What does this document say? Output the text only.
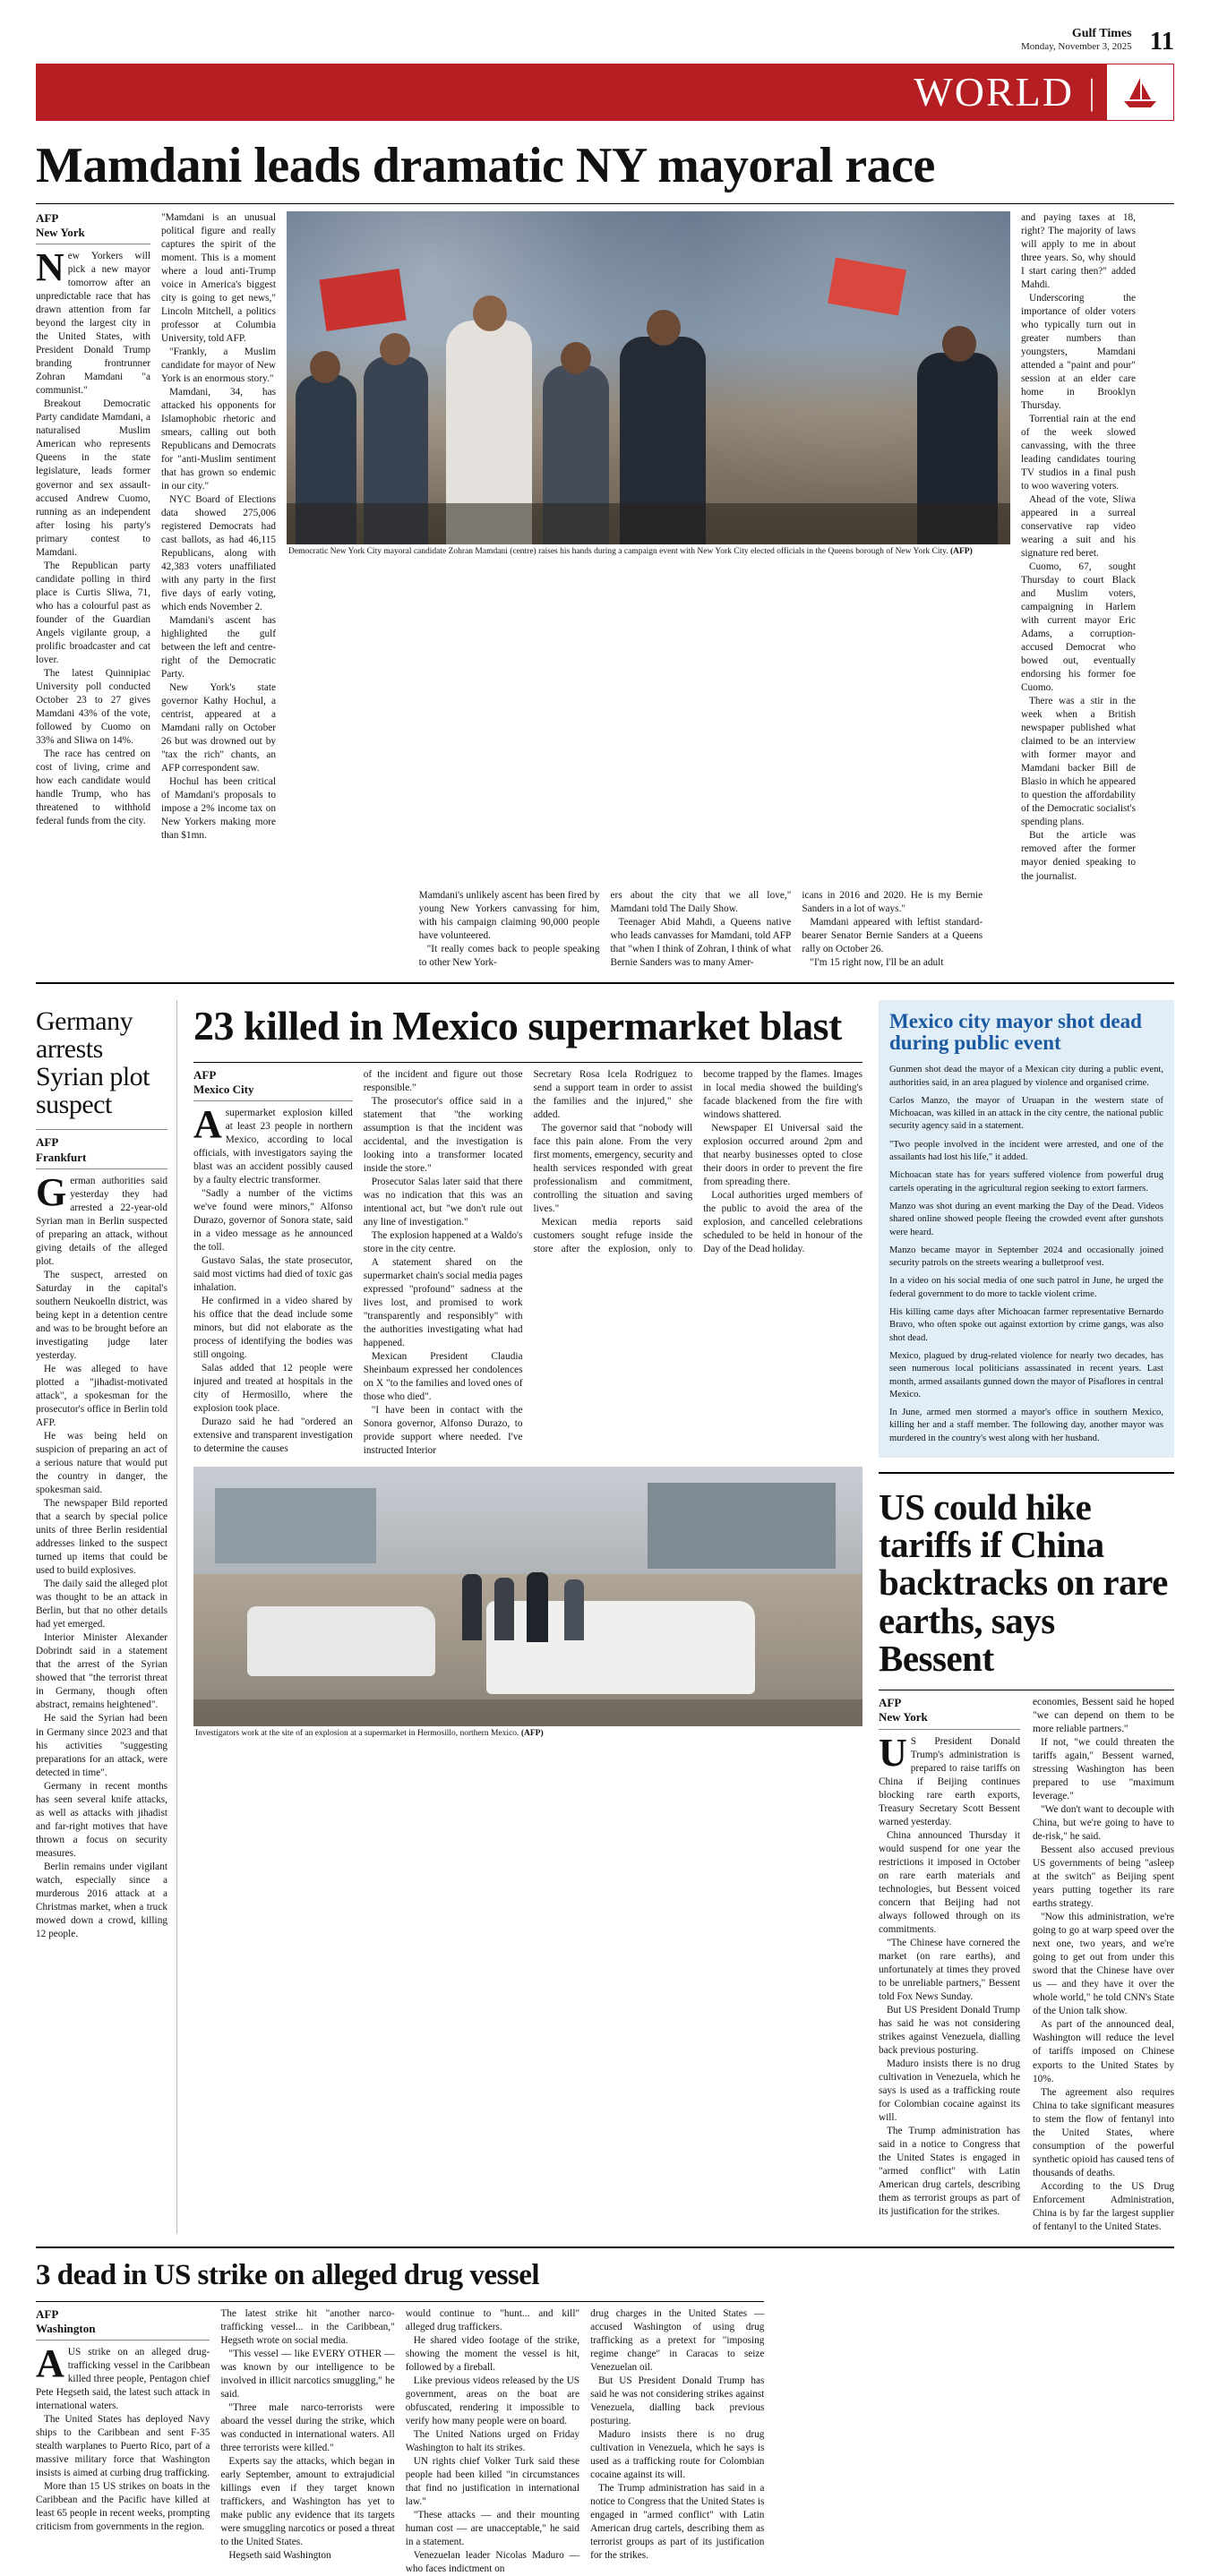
Gulf Times
Monday, November 3, 2025 11
WORLD |
Mamdani leads dramatic NY mayoral race
AFP
New York

New Yorkers will pick a new mayor tomorrow after an unpredictable race that has drawn attention from far beyond the largest city in the United States, with President Donald Trump branding frontrunner Zohran Mamdani "a communist."

Breakout Democratic Party candidate Mamdani, a naturalised Muslim American who represents Queens in the state legislature, leads former governor and sex assault-accused Andrew Cuomo, running as an independent after losing his party's primary contest to Mamdani.

The Republican party candidate polling in third place is Curtis Sliwa, 71, who has a colourful past as founder of the Guardian Angels vigilante group, a prolific broadcaster and cat lover.

The latest Quinnipiac University poll conducted October 23 to 27 gives Mamdani 43% of the vote, followed by Cuomo on 33% and Sliwa on 14%.

The race has centred on cost of living, crime and how each candidate would handle Trump, who has threatened to withhold federal funds from the city.

"Mamdani is an unusual political figure and really captures the spirit of the moment. This is a moment where a loud anti-Trump voice in America's biggest city is going to get news," Lincoln Mitchell, a politics professor at Columbia University, told AFP.

"Frankly, a Muslim candidate for mayor of New York is an enormous story."

Mamdani, 34, has attacked his opponents for Islamophobic rhetoric and smears, calling out both Republicans and Democrats for "anti-Muslim sentiment that has grown so endemic in our city."

NYC Board of Elections data showed 275,006 registered Democrats had cast ballots, as had 46,115 Republicans, along with 42,383 voters unaffiliated with any party in the first five days of early voting, which ends November 2.

Mamdani's ascent has highlighted the gulf between the left and centre-right of the Democratic Party.

New York's state governor Kathy Hochul, a centrist, appeared at a Mamdani rally on October 26 but was drowned out by "tax the rich" chants, an AFP correspondent saw.

Hochul has been critical of Mamdani's proposals to impose a 2% income tax on New Yorkers making more than $1mn.

Democratic New York City mayoral candidate Zohran Mamdani (centre) raises his hands during a campaign event with New York City elected officials in the Queens borough of New York City. (AFP)

and paying taxes at 18, right? The majority of laws will apply to me in about three years. So, why should I start caring then?" added Mahdi.

Underscoring the importance of older voters who typically turn out in greater numbers than youngsters, Mamdani attended a "paint and pour" session at an elder care home in Brooklyn Thursday.

Torrential rain at the end of the week slowed canvassing, with the three leading candidates touring TV studios in a final push to woo wavering voters.

Ahead of the vote, Sliwa appeared in a surreal conservative rap video wearing a suit and his signature red beret.

Cuomo, 67, sought Thursday to court Black and Muslim voters, campaigning in Harlem with current mayor Eric Adams, a corruption-accused Democrat who bowed out, eventually endorsing his former foe Cuomo.

There was a stir in the week when a British newspaper published what claimed to be an interview with former mayor and Mamdani backer Bill de Blasio in which he appeared to question the affordability of the Democratic socialist's spending plans.

But the article was removed after the former mayor denied speaking to the journalist.

Mamdani's unlikely ascent has been fired by young New Yorkers canvassing for him, with his campaign claiming 90,000 people have volunteered.

"It really comes back to people speaking to other New York-

ers about the city that we all love," Mamdani told The Daily Show.

Teenager Abid Mahdi, a Queens native who leads canvasses for Mamdani, told AFP that "when I think of Zohran, I think of what Bernie Sanders was to many Amer-

icans in 2016 and 2020. He is my Bernie Sanders in a lot of ways."

Mamdani appeared with leftist standard-bearer Senator Bernie Sanders at a Queens rally on October 26.

"I'm 15 right now, I'll be an adult

Germany arrests Syrian plot suspect
AFP
Frankfurt

German authorities said yesterday they had arrested a 22-year-old Syrian man in Berlin suspected of preparing an attack, without giving details of the alleged plot.

The suspect, arrested on Saturday in the capital's southern Neukoelln district, was being kept in a detention centre and was to be brought before an investigating judge later yesterday.

He was alleged to have plotted a "jihadist-motivated attack", a spokesman for the prosecutor's office in Berlin told AFP.

He was being held on suspicion of preparing an act of a serious nature that would put the country in danger, the spokesman said.

The newspaper Bild reported that a search by special police units of three Berlin residential addresses linked to the suspect turned up items that could be used to build explosives.

The daily said the alleged plot was thought to be an attack in Berlin, but that no other details had yet emerged.

Interior Minister Alexander Dobrindt said in a statement that the arrest of the Syrian showed that "the terrorist threat in Germany, though often abstract, remains heightened".

He said the Syrian had been in Germany since 2023 and that his activities "suggesting preparations for an attack, were detected in time".

Germany in recent months has seen several knife attacks, as well as attacks with jihadist and far-right motives that have thrown a focus on security measures.

Berlin remains under vigilant watch, especially since a murderous 2016 attack at a Christmas market, when a truck mowed down a crowd, killing 12 people.

23 killed in Mexico supermarket blast
AFP
Mexico City

Asupermarket explosion killed at least 23 people in northern Mexico, according to local officials, with investigators saying the blast was an accident possibly caused by a faulty electric transformer.

"Sadly a number of the victims we've found were minors," Alfonso Durazo, governor of Sonora state, said in a video message as he announced the toll.

Gustavo Salas, the state prosecutor, said most victims had died of toxic gas inhalation.

He confirmed in a video shared by his office that the dead include some minors, but did not elaborate as the process of identifying the bodies was still ongoing.

Salas added that 12 people were injured and treated at hospitals in the city of Hermosillo, where the explosion took place.

Durazo said he had "ordered an extensive and transparent investigation to determine the causes

of the incident and figure out those responsible."

The prosecutor's office said in a statement that "the working assumption is that the incident was accidental, and the investigation is looking into a transformer located inside the store."

Prosecutor Salas later said that there was no indication that this was an intentional act, but "we don't rule out any line of investigation."

The explosion happened at a Waldo's store in the city centre.

A statement shared on the supermarket chain's social media pages expressed "profound" sadness at the lives lost, and promised to work "transparently and responsibly" with the authorities investigating what had happened.

Mexican President Claudia Sheinbaum expressed her condolences on X "to the families and loved ones of those who died".

"I have been in contact with the Sonora governor, Alfonso Durazo, to provide support where needed. I've instructed Interior

Secretary Rosa Icela Rodriguez to send a support team in order to assist the families and the injured," she added.

The governor said that "nobody will face this pain alone. From the very first moments, emergency, security and health services responded with great professionalism and commitment, controlling the situation and saving lives."

Mexican media reports said customers sought refuge inside the store after the explosion, only to become trapped by the flames. Images in local media showed the building's facade blackened from the fire with windows shattered.

Newspaper El Universal said the explosion occurred around 2pm and that nearby businesses opted to close their doors in order to prevent the fire from spreading there.

Local authorities urged members of the public to avoid the area of the explosion, and cancelled celebrations scheduled to be held in honour of the Day of the Dead holiday.

Investigators work at the site of an explosion at a supermarket in Hermosillo, northern Mexico. (AFP)
Mexico city mayor shot dead during public event

Gunmen shot dead the mayor of a Mexican city during a public event, authorities said, in an area plagued by violence and organised crime.

Carlos Manzo, the mayor of Uruapan in the western state of Michoacan, was killed in an attack in the city centre, the national public security agency said in a statement.

"Two people involved in the incident were arrested, and one of the assailants had lost his life," it added.

Michoacan state has for years suffered violence from powerful drug cartels operating in the agricultural region seeking to extort farmers.

Manzo was shot during an event marking the Day of the Dead. Videos shared online showed people fleeing the crowded event after gunshots were heard.

Manzo became mayor in September 2024 and occasionally joined security patrols on the streets wearing a bulletproof vest.

In a video on his social media of one such patrol in June, he urged the federal government to do more to tackle violent crime.

His killing came days after Michoacan farmer representative Bernardo Bravo, who often spoke out against extortion by crime gangs, was also shot dead.

Mexico, plagued by drug-related violence for nearly two decades, has seen numerous local politicians assassinated in recent years. Last month, armed assailants gunned down the mayor of Pisaflores in central Mexico.

In June, armed men stormed a mayor's office in southern Mexico, killing her and a staff member. The following day, another mayor was murdered in the country's west along with her husband.

US could hike tariffs if China backtracks on rare earths, says Bessent
AFP
New York

US President Donald Trump's administration is prepared to raise tariffs on China if Beijing continues blocking rare earth exports, Treasury Secretary Scott Bessent warned yesterday.

China announced Thursday it would suspend for one year the restrictions it imposed in October on rare earth materials and technologies, but Bessent voiced concern that Beijing had not always followed through on its commitments.

"The Chinese have cornered the market (on rare earths), and unfortunately at times they proved to be unreliable partners," Bessent told Fox News Sunday.

But US President Donald Trump has said he was not considering strikes against Venezuela, dialling back previous posturing.

Maduro insists there is no drug cultivation in Venezuela, which he says is used as a trafficking route for Colombian cocaine against its will.

The Trump administration has said in a notice to Congress that the United States is engaged in "armed conflict" with Latin American drug cartels, describing them as terrorist groups as part of its justification for the strikes.

economies, Bessent said he hoped "we can depend on them to be more reliable partners."

If not, "we could threaten the tariffs again," Bessent warned, stressing Washington has been prepared to use "maximum leverage."

"We don't want to decouple with China, but we're going to have to de-risk," he said.

Bessent also accused previous US governments of being "asleep at the switch" as Beijing spent years putting together its rare earths strategy.

"Now this administration, we're going to go at warp speed over the next one, two years, and we're going to get out from under this sword that the Chinese have over us — and they have it over the whole world," he told CNN's State of the Union talk show.

As part of the announced deal, Washington will reduce the level of tariffs imposed on Chinese exports to the United States by 10%.

The agreement also requires China to take significant measures to stem the flow of fentanyl into the United States, where consumption of the powerful synthetic opioid has caused tens of thousands of deaths.

According to the US Drug Enforcement Administration, China is by far the largest supplier of fentanyl to the United States.

3 dead in US strike on alleged drug vessel
AFP
Washington

AUS strike on an alleged drug-trafficking vessel in the Caribbean killed three people, Pentagon chief Pete Hegseth said, the latest such attack in international waters.

The United States has deployed Navy ships to the Caribbean and sent F-35 stealth warplanes to Puerto Rico, part of a massive military force that Washington insists is aimed at curbing drug trafficking.

More than 15 US strikes on boats in the Caribbean and the Pacific have killed at least 65 people in recent weeks, prompting criticism from governments in the region.

The latest strike hit "another narco-trafficking vessel... in the Caribbean," Hegseth wrote on social media.

"This vessel — like EVERY OTHER — was known by our intelligence to be involved in illicit narcotics smuggling," he said.

"Three male narco-terrorists were aboard the vessel during the strike, which was conducted in international waters. All three terrorists were killed."

Experts say the attacks, which began in early September, amount to extrajudicial killings even if they target known traffickers, and Washington has yet to make public any evidence that its targets were smuggling narcotics or posed a threat to the United States.

Hegseth said Washington

would continue to "hunt... and kill" alleged drug traffickers.

He shared video footage of the strike, showing the moment the vessel is hit, followed by a fireball.

Like previous videos released by the US government, areas on the boat are obfuscated, rendering it impossible to verify how many people were on board.

The United Nations urged on Friday Washington to halt its strikes.

UN rights chief Volker Turk said these people had been killed "in circumstances that find no justification in international law."

"These attacks — and their mounting human cost — are unacceptable," he said in a statement.

Venezuelan leader Nicolas Maduro — who faces indictment on

drug charges in the United States — accused Washington of using drug trafficking as a pretext for "imposing regime change" in Caracas to seize Venezuelan oil.

But US President Donald Trump has said he was not considering strikes against Venezuela, dialling back previous posturing.

Maduro insists there is no drug cultivation in Venezuela, which he says is used as a trafficking route for Colombian cocaine against its will.

The Trump administration has said in a notice to Congress that the United States is engaged in "armed conflict" with Latin American drug cartels, describing them as terrorist groups as part of its justification for the strikes.
